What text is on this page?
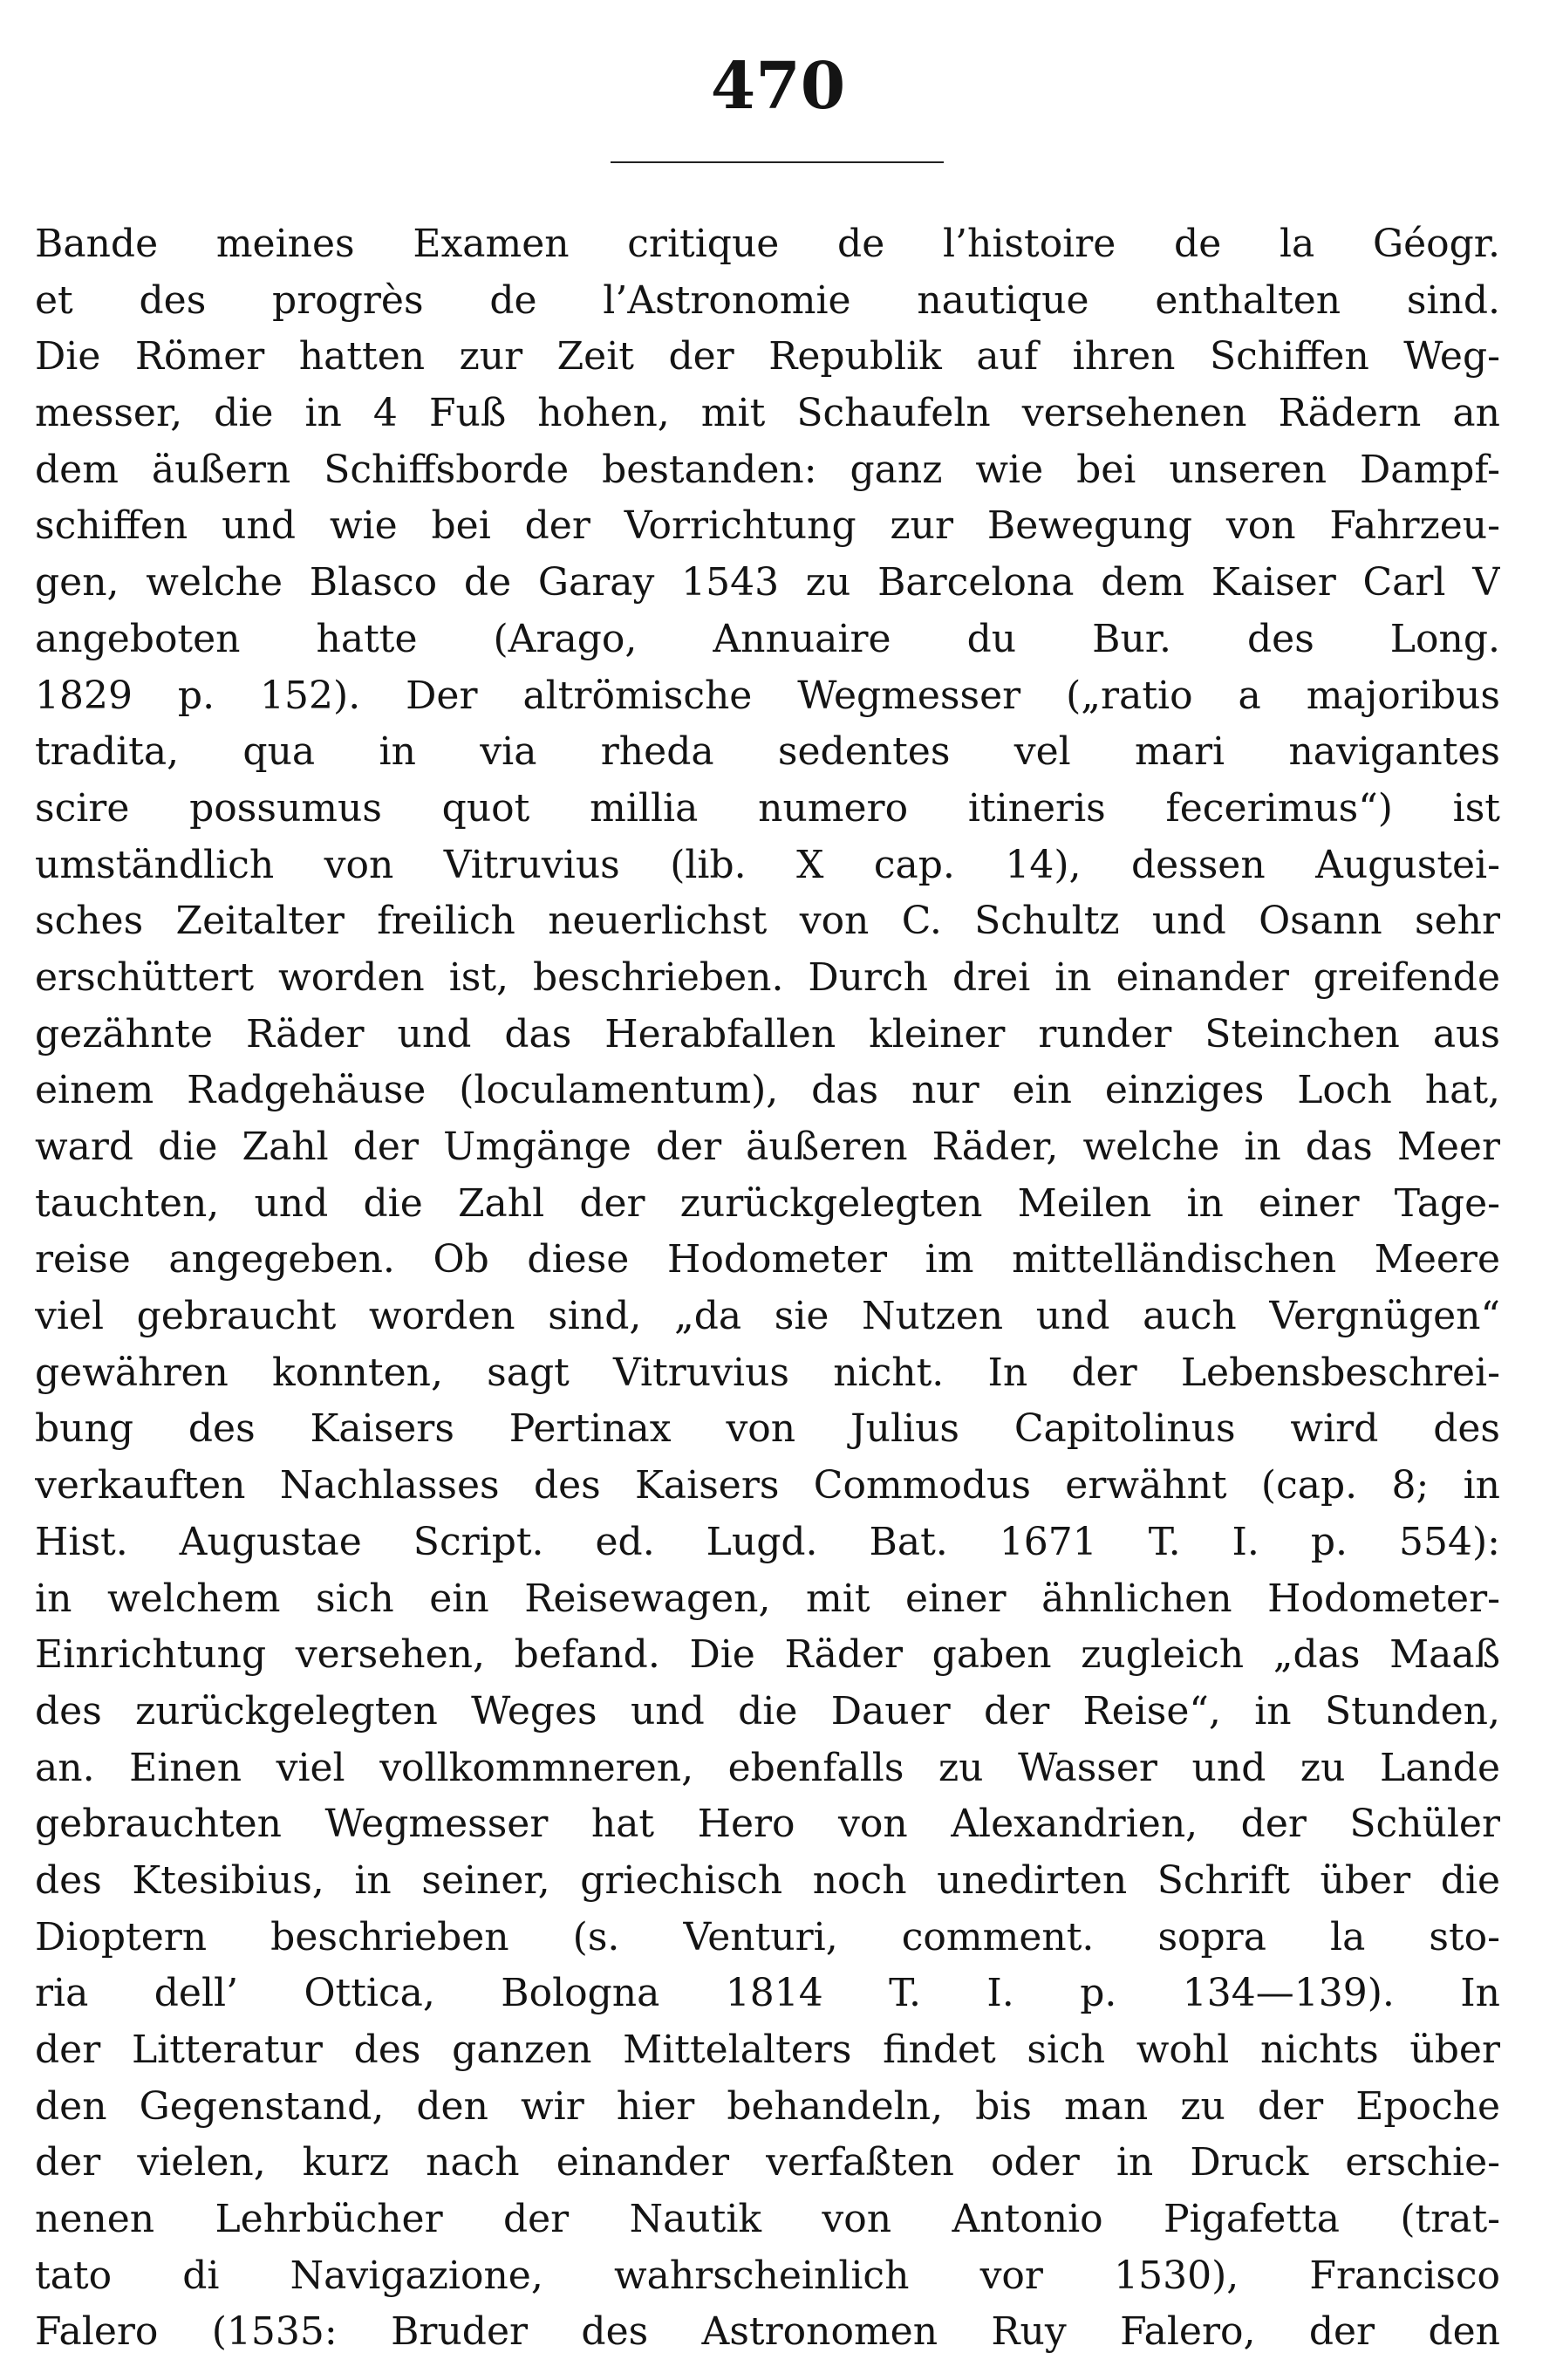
470
Bande meines Examen critique de l’histoire de la Géogr.
et des progrès de l’Astronomie nautique enthalten sind.
Die Römer hatten zur Zeit der Republik auf ihren Schiffen Weg-
messer, die in 4 Fuß hohen, mit Schaufeln versehenen Rädern an
dem äußern Schiffsborde bestanden: ganz wie bei unseren Dampf-
schiffen und wie bei der Vorrichtung zur Bewegung von Fahrzeu-
gen, welche Blasco de Garay 1543 zu Barcelona dem Kaiser Carl V
angeboten hatte (Arago, Annuaire du Bur. des Long.
1829 p. 152). Der altrömische Wegmesser („ratio a majoribus
tradita, qua in via rheda sedentes vel mari navigantes
scire possumus quot millia numero itineris fecerimus“) ist
umständlich von Vitruvius (lib. X cap. 14), dessen Augustei-
sches Zeitalter freilich neuerlichst von C. Schultz und Osann sehr
erschüttert worden ist, beschrieben. Durch drei in einander greifende
gezähnte Räder und das Herabfallen kleiner runder Steinchen aus
einem Radgehäuse (loculamentum), das nur ein einziges Loch hat,
ward die Zahl der Umgänge der äußeren Räder, welche in das Meer
tauchten, und die Zahl der zurückgelegten Meilen in einer Tage-
reise angegeben. Ob diese Hodometer im mittelländischen Meere
viel gebraucht worden sind, „da sie Nutzen und auch Vergnügen“
gewähren konnten, sagt Vitruvius nicht. In der Lebensbeschrei-
bung des Kaisers Pertinax von Julius Capitolinus wird des
verkauften Nachlasses des Kaisers Commodus erwähnt (cap. 8; in
Hist. Augustae Script. ed. Lugd. Bat. 1671 T. I. p. 554):
in welchem sich ein Reisewagen, mit einer ähnlichen Hodometer-
Einrichtung versehen, befand. Die Räder gaben zugleich „das Maaß
des zurückgelegten Weges und die Dauer der Reise“, in Stunden,
an. Einen viel vollkommneren, ebenfalls zu Wasser und zu Lande
gebrauchten Wegmesser hat Hero von Alexandrien, der Schüler
des Ktesibius, in seiner, griechisch noch unedirten Schrift über die
Dioptern beschrieben (s. Venturi, comment. sopra la sto-
ria dell’ Ottica, Bologna 1814 T. I. p. 134—139). In
der Litteratur des ganzen Mittelalters findet sich wohl nichts über
den Gegenstand, den wir hier behandeln, bis man zu der Epoche
der vielen, kurz nach einander verfaßten oder in Druck erschie-
nenen Lehrbücher der Nautik von Antonio Pigafetta (trat-
tato di Navigazione, wahrscheinlich vor 1530), Francisco
Falero (1535: Bruder des Astronomen Ruy Falero, der den
